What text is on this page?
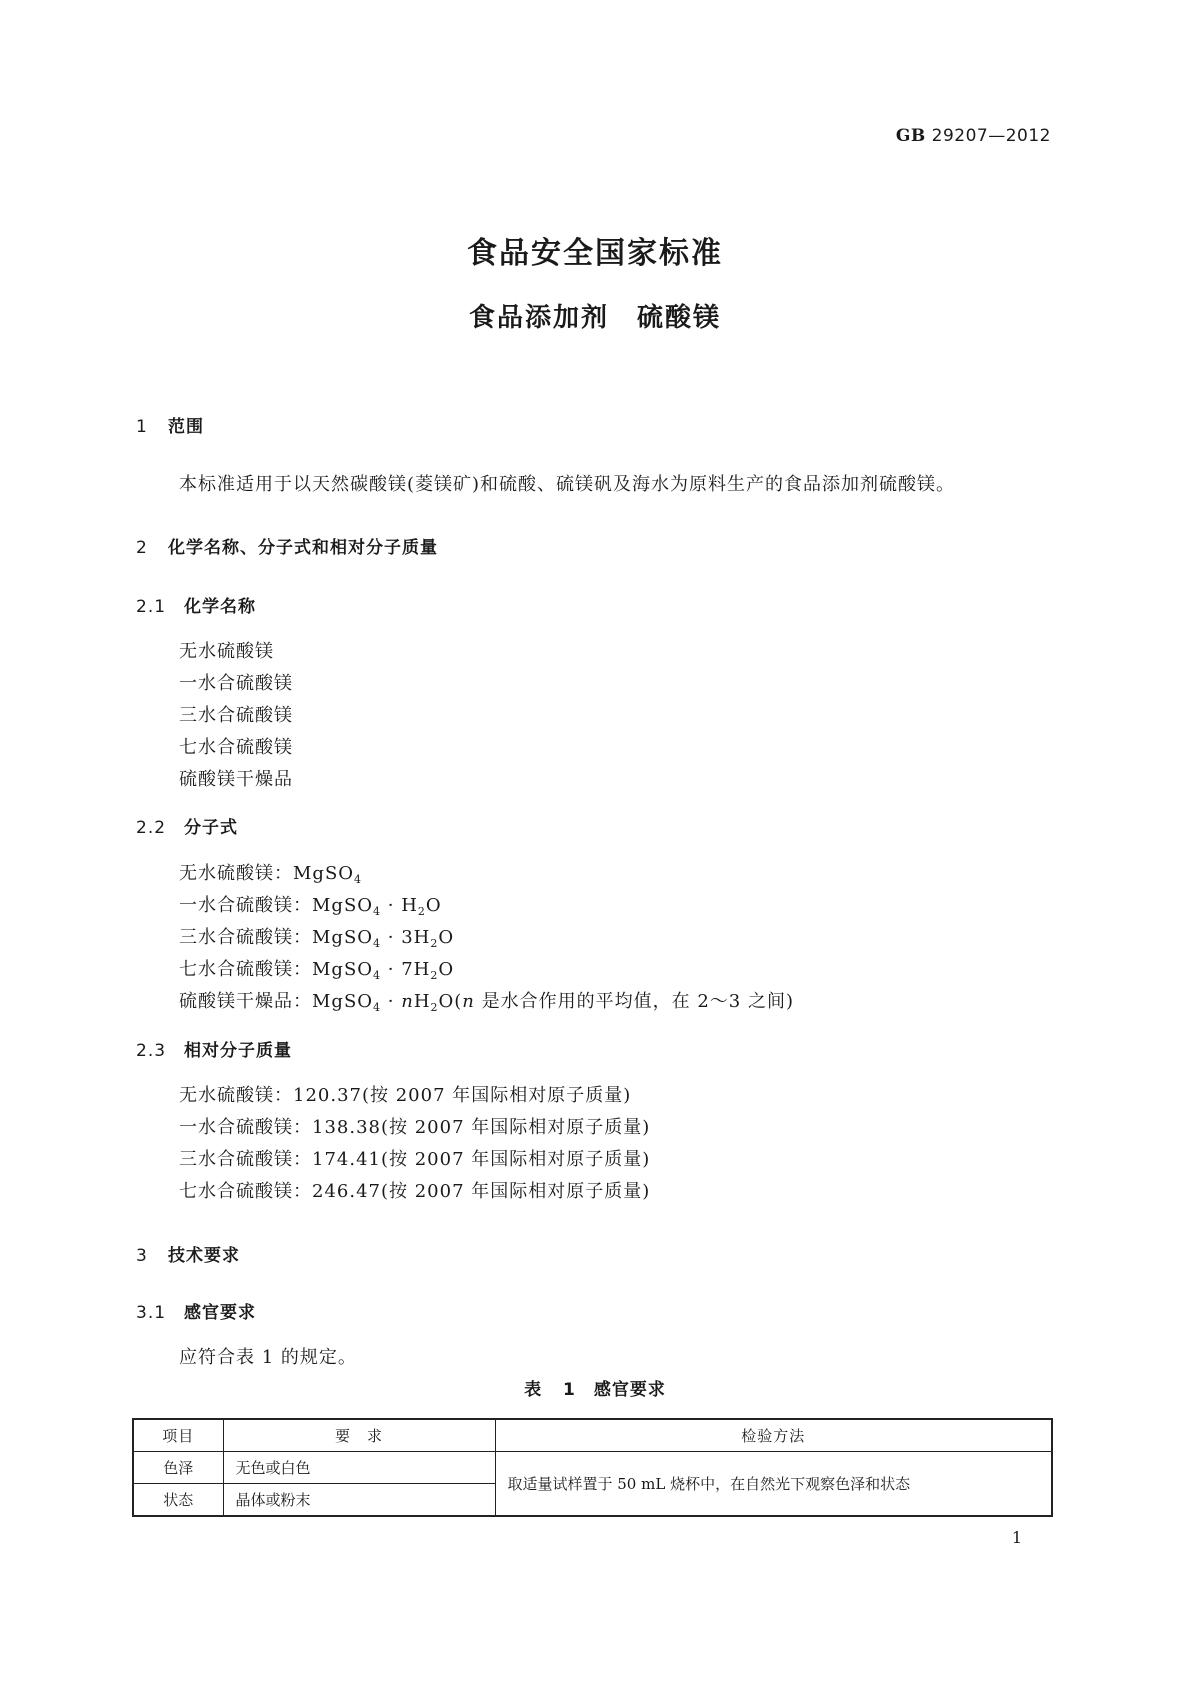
GB 29207—2012
食品安全国家标准
食品添加剂　硫酸镁
1 范围
本标准适用于以天然碳酸镁(菱镁矿)和硫酸、硫镁矾及海水为原料生产的食品添加剂硫酸镁。
2 化学名称、分子式和相对分子质量
2.1 化学名称
无水硫酸镁
一水合硫酸镁
三水合硫酸镁
七水合硫酸镁
硫酸镁干燥品
2.2 分子式
无水硫酸镁：MgSO$_4$
一水合硫酸镁：MgSO$_4$ · $H_2O$
三水合硫酸镁：MgSO$_4$ · $3H_2O$
七水合硫酸镁：MgSO$_4$ · $7H_2O$
硫酸镁干燥品：MgSO$_4$ · $nH_2O(n$ 是水合作用的平均值，在 2～3 之间)
2.3 相对分子质量
无水硫酸镁：120.37(按 2007 年国际相对原子质量)
一水合硫酸镁：138.38(按 2007 年国际相对原子质量)
三水合硫酸镁：174.41(按 2007 年国际相对原子质量)
七水合硫酸镁：246.47(按 2007 年国际相对原子质量)
3 技术要求
3.1 感官要求
应符合表 1 的规定。
表 1　感官要求
项目	要　求	检验方法
色泽	无色或白色	取适量试样置于 50 mL 烧杯中，在自然光下观察色泽和状态
状态	晶体或粉末	
1
